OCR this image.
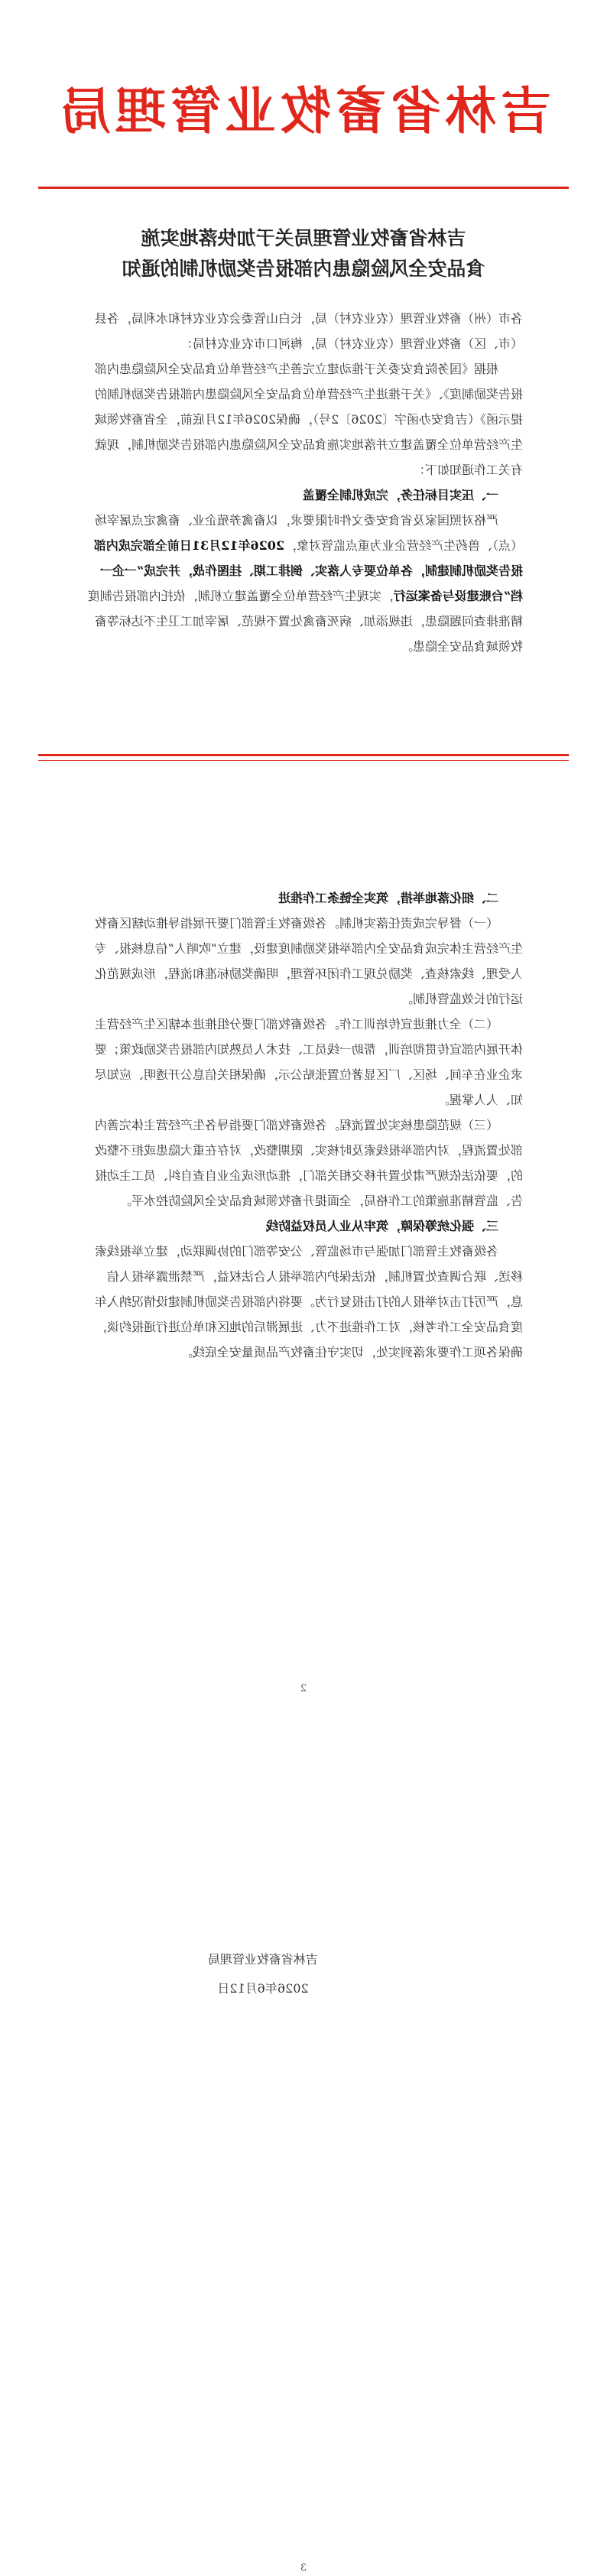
吉林省畜牧业管理局
吉林省畜牧业管理局关于加快落地实施
食品安全风险隐患内部报告奖励机制的通知

各市（州）畜牧业管理（农业农村）局，长白山管委会农业农村和水利局，各县（市、区）畜牧业管理（农业农村）局，梅河口市农业农村局：

根据《国务院食安委关于推动建立完善生产经营单位食品安全风险隐患内部报告奖励制度》、《关于推进生产经营单位食品安全风险隐患内部报告奖励机制的提示函》（吉食安办函字〔2026〕2号），确保2026年12月底前，全省畜牧领域生产经营单位全覆盖建立并落地实施食品安全风险隐患内部报告奖励机制，现就有关工作通知如下：

一、压实目标任务，完成机制全覆盖

严格对照国家及省食安委文件时限要求，以畜禽养殖企业、畜禽定点屠宰场（点）、兽药生产经营企业为重点监管对象，2026年12月31日前全部完成内部报告奖励机制建制，各单位要专人落实、倒排工期、挂图作战，并完成“一企一档”台账建设与备案运行，实现生产经营单位全覆盖建立机制，依托内部报告制度精准排查问题隐患，违规添加、病死畜禽处置不规范、屠宰加工卫生不达标等畜牧领域食品安全隐患。

二、细化落地举措，筑实全链条工作推进

（一）督导完成责任落实机制。各级畜牧主管部门要开展指导推动辖区畜牧生产经营主体完成食品安全内部举报奖励制度建设，建立“吹哨人”信息核报、专人受理、线索核查、奖励兑现工作闭环管理，明确奖励标准和流程，形成规范化运行的长效监管机制。

（二）全力推进宣传培训工作。各级畜牧部门要分组推进本辖区生产经营主体开展内部宣传贯彻培训，帮助一线员工、技术人员熟知内部报告奖励政策；要求企业在车间、场区、厂区显著位置张贴公示，确保相关信息公开透明、应知尽知、人人掌握。

（三）规范隐患核实处置流程。各级畜牧部门要指导各生产经营主体完善内部处置流程，对内部举报线索及时核实、限期整改，对存在重大隐患或拒不整改的，要依法依规严肃处置并移交相关部门，推动形成企业自查自纠、员工主动报告、监管精准施策的工作格局，全面提升畜牧领域食品安全风险防控水平。

三、强化统筹保障，筑牢从业人员权益防线

各级畜牧主管部门加强与市场监管、公安等部门的协调联动，建立举报线索移送、联合调查处置机制，依法保护内部举报人合法权益，严禁泄露举报人信息，严厉打击对举报人的打击报复行为。要将内部报告奖励机制建设情况纳入年度食品安全工作考核，对工作推进不力、进展滞后的地区和单位进行通报约谈，确保各项工作要求落到实处，切实守住畜牧产品质量安全底线。

2
吉林省畜牧业管理局
2026年6月12日
3
